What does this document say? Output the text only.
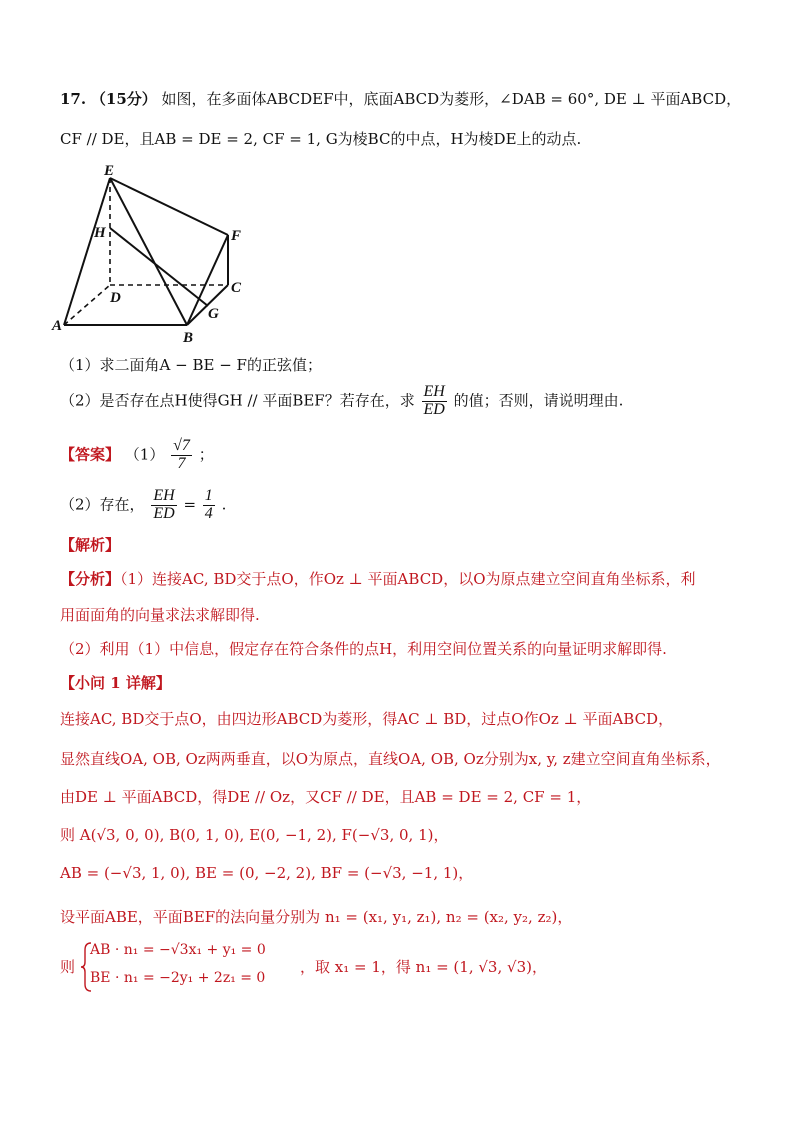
17. （15分） 如图，在多面体ABCDEF中，底面ABCD为菱形，∠DAB = 60°, DE ⊥ 平面ABCD，
CF // DE，且AB = DE = 2, CF = 1, G为棱BC的中点，H为棱DE上的动点.
E
H	F
D
C
A
B
G
（1）求二面角A − BE − F的正弦值；
（2）是否存在点H使得GH // 平面BEF？若存在，求 $\frac{EH}{ED}$ 的值；否则，请说明理由.
【答案】 $(1) \frac{√7}{7}$ ；
（2）存在， $\frac{EH}{ED} = \frac{1}{4}$ .
【解析】
【分析】（1）连接AC, BD交于点O，作Oz ⊥ 平面ABCD，以O为原点建立空间直角坐标系，利
用面面角的向量求法求解即得.
（2）利用（1）中信息，假定存在符合条件的点H，利用空间位置关系的向量证明求解即得.
【小问 1 详解】
连接AC, BD交于点O，由四边形ABCD为菱形，得AC ⊥ BD，过点O作Oz ⊥ 平面ABCD，
显然直线OA, OB, Oz两两垂直，以O为原点，直线OA, OB, Oz分别为x, y, z建立空间直角坐标系，
由DE ⊥ 平面ABCD，得DE // Oz，又CF // DE，且AB = DE = 2, CF = 1，
则 A(√3, 0, 0), B(0, 1, 0), E(0, −1, 2), F(−√3, 0, 1)，
AB = (−√3, 1, 0), BE = (0, −2, 2), BF = (−√3, −1, 1)，
设平面ABE，平面BEF的法向量分别为 n₁ = (x₁, y₁, z₁), n₂ = (x₂, y₂, z₂)，
则
AB · n₁ = −√3x₁ + y₁ = 0
BE · n₁ = −2y₁ + 2z₁ = 0
，取 x₁ = 1，得 n₁ = (1, √3, √3)，
